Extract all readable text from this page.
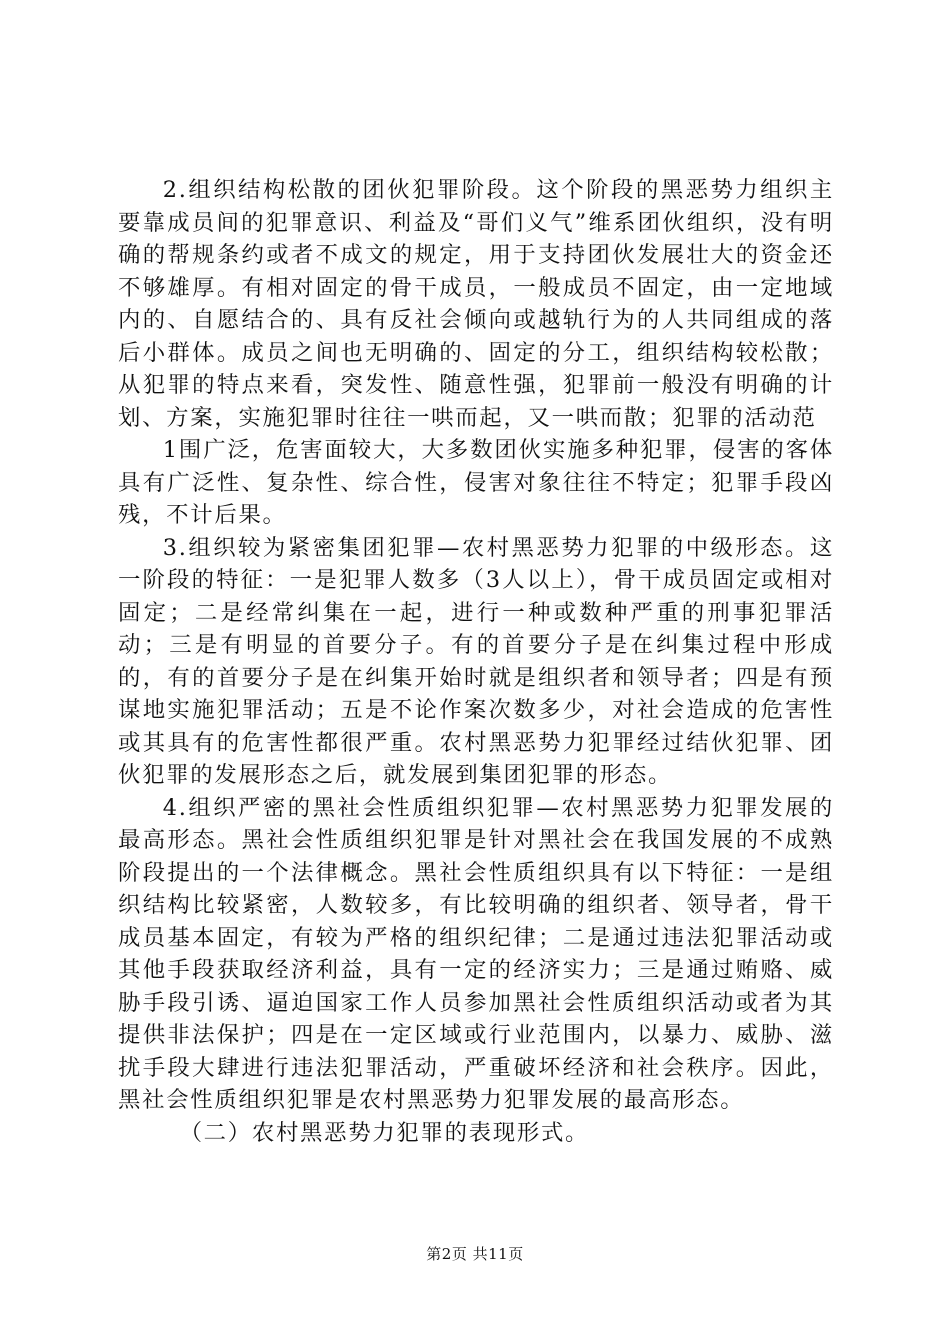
2.组织结构松散的团伙犯罪阶段。这个阶段的黑恶势力组织主要靠成员间的犯罪意识、利益及“哥们义气”维系团伙组织，没有明确的帮规条约或者不成文的规定，用于支持团伙发展壮大的资金还不够雄厚。有相对固定的骨干成员，一般成员不固定，由一定地域内的、自愿结合的、具有反社会倾向或越轨行为的人共同组成的落后小群体。成员之间也无明确的、固定的分工，组织结构较松散；从犯罪的特点来看，突发性、随意性强，犯罪前一般没有明确的计划、方案，实施犯罪时往往一哄而起，又一哄而散；犯罪的活动范

1围广泛，危害面较大，大多数团伙实施多种犯罪，侵害的客体具有广泛性、复杂性、综合性，侵害对象往往不特定；犯罪手段凶残，不计后果。

3.组织较为紧密集团犯罪—农村黑恶势力犯罪的中级形态。这一阶段的特征：一是犯罪人数多（3人以上），骨干成员固定或相对固定；二是经常纠集在一起，进行一种或数种严重的刑事犯罪活动；三是有明显的首要分子。有的首要分子是在纠集过程中形成的，有的首要分子是在纠集开始时就是组织者和领导者；四是有预谋地实施犯罪活动；五是不论作案次数多少，对社会造成的危害性或其具有的危害性都很严重。农村黑恶势力犯罪经过结伙犯罪、团伙犯罪的发展形态之后，就发展到集团犯罪的形态。

4.组织严密的黑社会性质组织犯罪—农村黑恶势力犯罪发展的最高形态。黑社会性质组织犯罪是针对黑社会在我国发展的不成熟阶段提出的一个法律概念。黑社会性质组织具有以下特征：一是组织结构比较紧密，人数较多，有比较明确的组织者、领导者，骨干成员基本固定，有较为严格的组织纪律；二是通过违法犯罪活动或其他手段获取经济利益，具有一定的经济实力；三是通过贿赂、威胁手段引诱、逼迫国家工作人员参加黑社会性质组织活动或者为其提供非法保护；四是在一定区域或行业范围内，以暴力、威胁、滋扰手段大肆进行违法犯罪活动，严重破坏经济和社会秩序。因此，黑社会性质组织犯罪是农村黑恶势力犯罪发展的最高形态。

（二）农村黑恶势力犯罪的表现形式。

第2页 共11页
